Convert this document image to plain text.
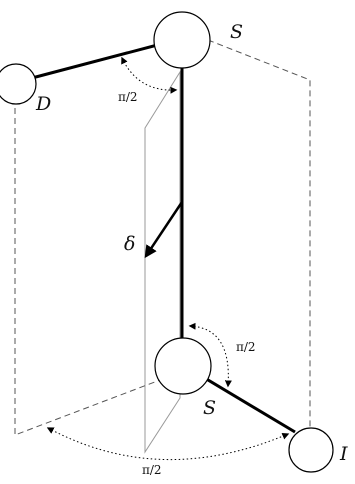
S
D
S
I
δ
π/2
π/2
π/2
